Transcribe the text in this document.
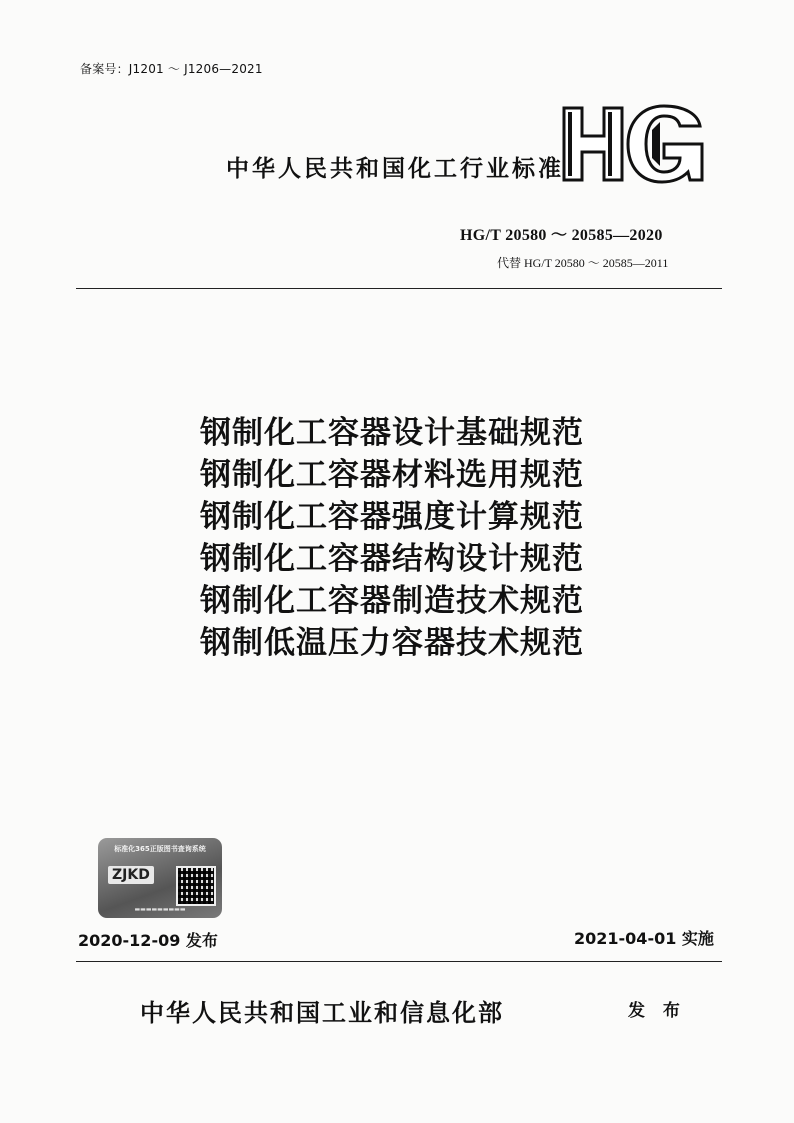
备案号：J1201 ～ J1206—2021
中华人民共和国化工行业标准
HG/T 20580 ～ 20585—2020
代替 HG/T 20580 ～ 20585—2011
钢制化工容器设计基础规范
钢制化工容器材料选用规范
钢制化工容器强度计算规范
钢制化工容器结构设计规范
钢制化工容器制造技术规范
钢制低温压力容器技术规范
标准化365正版图书查询系统
ZJKD
▬▬▬▬▬▬▬▬▬
2020-12-09 发布	2021-04-01 实施
中华人民共和国工业和信息化部	发 布
